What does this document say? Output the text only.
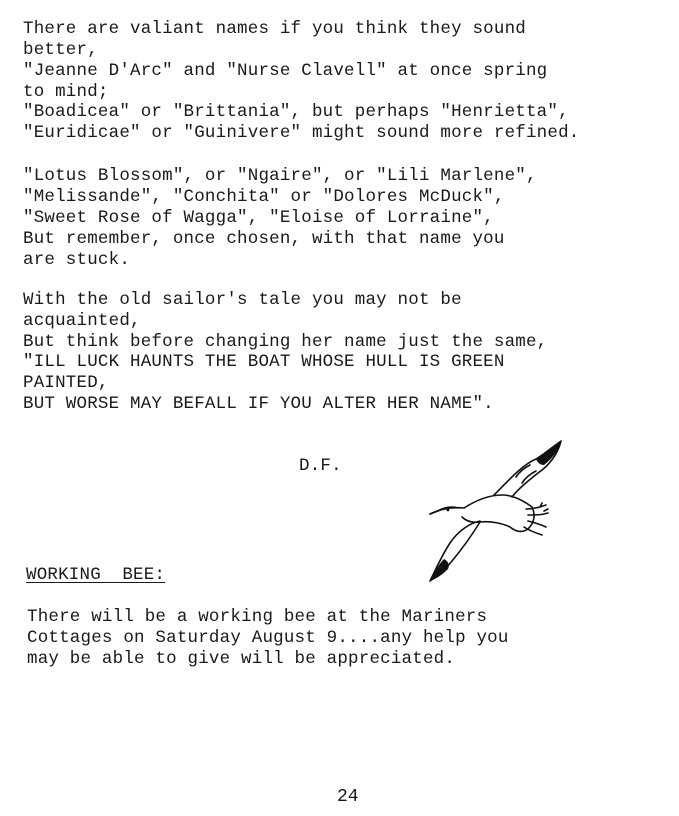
There are valiant names if you think they sound
better,
"Jeanne D'Arc" and "Nurse Clavell" at once spring
to mind;
"Boadicea" or "Brittania", but perhaps "Henrietta",
"Euridicae" or "Guinivere" might sound more refined.
"Lotus Blossom", or "Ngaire", or "Lili Marlene",
"Melissande", "Conchita" or "Dolores McDuck",
"Sweet Rose of Wagga", "Eloise of Lorraine",
But remember, once chosen, with that name you
are stuck.
With the old sailor's tale you may not be
acquainted,
But think before changing her name just the same,
"ILL LUCK HAUNTS THE BOAT WHOSE HULL IS GREEN
PAINTED,
BUT WORSE MAY BEFALL IF YOU ALTER HER NAME".
D.F.
WORKING  BEE:
There will be a working bee at the Mariners
Cottages on Saturday August 9....any help you
may be able to give will be appreciated.
24
